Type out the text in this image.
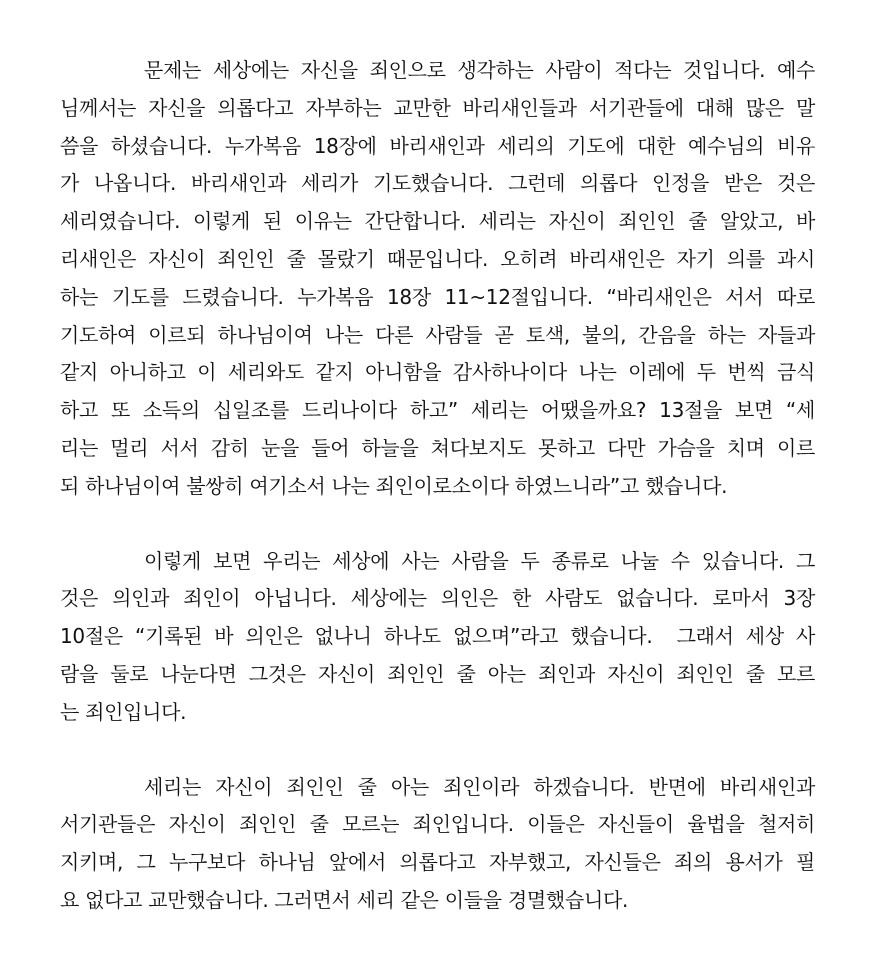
문제는 세상에는 자신을 죄인으로 생각하는 사람이 적다는 것입니다. 예수
님께서는 자신을 의롭다고 자부하는 교만한 바리새인들과 서기관들에 대해 많은 말
씀을 하셨습니다. 누가복음 18장에 바리새인과 세리의 기도에 대한 예수님의 비유
가 나옵니다. 바리새인과 세리가 기도했습니다. 그런데 의롭다 인정을 받은 것은
세리였습니다. 이렇게 된 이유는 간단합니다. 세리는 자신이 죄인인 줄 알았고, 바
리새인은 자신이 죄인인 줄 몰랐기 때문입니다. 오히려 바리새인은 자기 의를 과시
하는 기도를 드렸습니다. 누가복음 18장 11~12절입니다. “바리새인은 서서 따로
기도하여 이르되 하나님이여 나는 다른 사람들 곧 토색, 불의, 간음을 하는 자들과
같지 아니하고 이 세리와도 같지 아니함을 감사하나이다 나는 이레에 두 번씩 금식
하고 또 소득의 십일조를 드리나이다 하고” 세리는 어땠을까요? 13절을 보면 “세
리는 멀리 서서 감히 눈을 들어 하늘을 쳐다보지도 못하고 다만 가슴을 치며 이르
되 하나님이여 불쌍히 여기소서 나는 죄인이로소이다 하였느니라”고 했습니다.
이렇게 보면 우리는 세상에 사는 사람을 두 종류로 나눌 수 있습니다. 그
것은 의인과 죄인이 아닙니다. 세상에는 의인은 한 사람도 없습니다. 로마서 3장
10절은 “기록된 바 의인은 없나니 하나도 없으며”라고 했습니다.  그래서 세상 사
람을 둘로 나눈다면 그것은 자신이 죄인인 줄 아는 죄인과 자신이 죄인인 줄 모르
는 죄인입니다.
세리는 자신이 죄인인 줄 아는 죄인이라 하겠습니다. 반면에 바리새인과
서기관들은 자신이 죄인인 줄 모르는 죄인입니다. 이들은 자신들이 율법을 철저히
지키며, 그 누구보다 하나님 앞에서 의롭다고 자부했고, 자신들은 죄의 용서가 필
요 없다고 교만했습니다. 그러면서 세리 같은 이들을 경멸했습니다.
